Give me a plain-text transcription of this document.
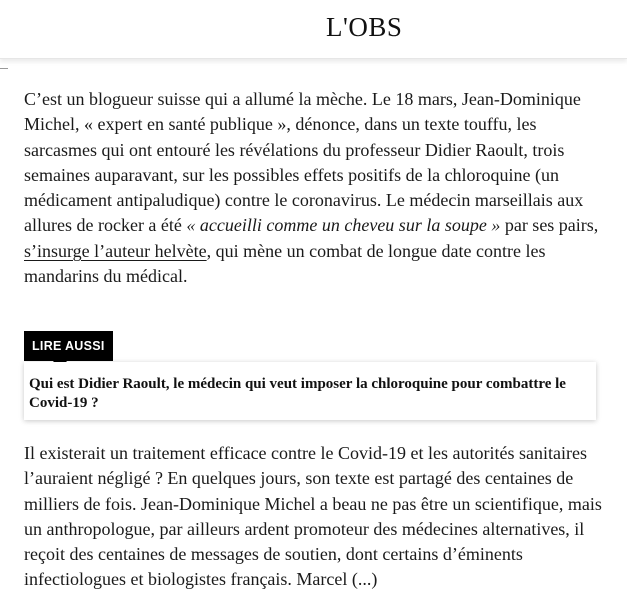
L'OBS

C’est un blogueur suisse qui a allumé la mèche. Le 18 mars, Jean-Dominique Michel, « expert en santé publique », dénonce, dans un texte touffu, les sarcasmes qui ont entouré les révélations du professeur Didier Raoult, trois semaines auparavant, sur les possibles effets positifs de la chloroquine (un médicament antipaludique) contre le coronavirus. Le médecin marseillais aux allures de rocker a été « accueilli comme un cheveu sur la soupe » par ses pairs, s’insurge l’auteur helvète, qui mène un combat de longue date contre les mandarins du médical.

LIRE AUSSI
Qui est Didier Raoult, le médecin qui veut imposer la chloroquine pour combattre le Covid-19 ?

Il existerait un traitement efficace contre le Covid-19 et les autorités sanitaires l’auraient négligé ? En quelques jours, son texte est partagé des centaines de milliers de fois. Jean-Dominique Michel a beau ne pas être un scientifique, mais un anthropologue, par ailleurs ardent promoteur des médecines alternatives, il reçoit des centaines de messages de soutien, dont certains d’éminents infectiologues et biologistes français. Marcel (...)
